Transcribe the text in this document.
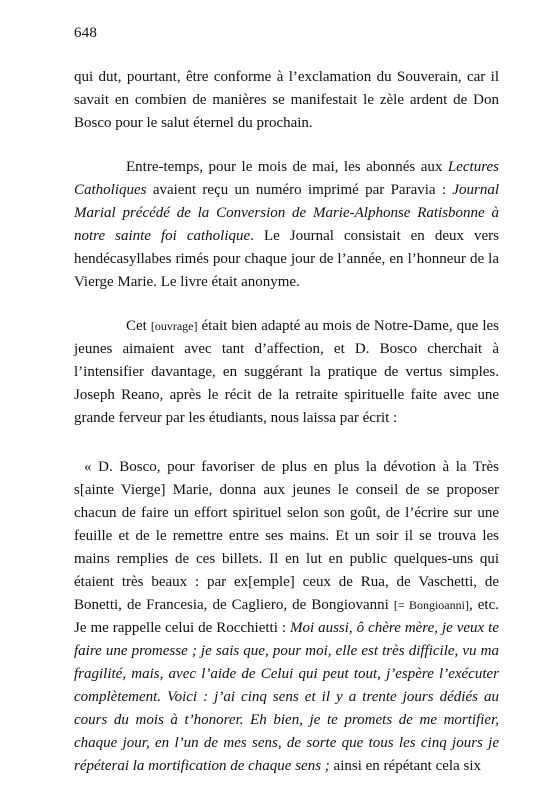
648

qui dut, pourtant, être conforme à l’exclamation du Souverain, car il savait en combien de manières se manifestait le zèle ardent de Don Bosco pour le salut éternel du prochain.

Entre-temps, pour le mois de mai, les abonnés aux Lectures Catholiques avaient reçu un numéro imprimé par Paravia : Journal Marial précédé de la Conversion de Marie-Alphonse Ratisbonne à notre sainte foi catholique. Le Journal consistait en deux vers hendécasyllabes rimés pour chaque jour de l’année, en l’honneur de la Vierge Marie. Le livre était anonyme.

Cet [ouvrage] était bien adapté au mois de Notre-Dame, que les jeunes aimaient avec tant d’affection, et D. Bosco cherchait à l’intensifier davantage, en suggérant la pratique de vertus simples. Joseph Reano, après le récit de la retraite spirituelle faite avec une grande ferveur par les étudiants, nous laissa par écrit :

« D. Bosco, pour favoriser de plus en plus la dévotion à la Très s[ainte Vierge] Marie, donna aux jeunes le conseil de se proposer chacun de faire un effort spirituel selon son goût, de l’écrire sur une feuille et de le remettre entre ses mains. Et un soir il se trouva les mains remplies de ces billets. Il en lut en public quelques-uns qui étaient très beaux : par ex[emple] ceux de Rua, de Vaschetti, de Bonetti, de Francesia, de Cagliero, de Bongiovanni [= Bongioanni], etc. Je me rappelle celui de Rocchietti : Moi aussi, ô chère mère, je veux te faire une promesse ; je sais que, pour moi, elle est très difficile, vu ma fragilité, mais, avec l’aide de Celui qui peut tout, j’espère l’exécuter complètement. Voici : j’ai cinq sens et il y a trente jours dédiés au cours du mois à t’honorer. Eh bien, je te promets de me mortifier, chaque jour, en l’un de mes sens, de sorte que tous les cinq jours je répéterai la mortification de chaque sens ; ainsi en répétant cela six
